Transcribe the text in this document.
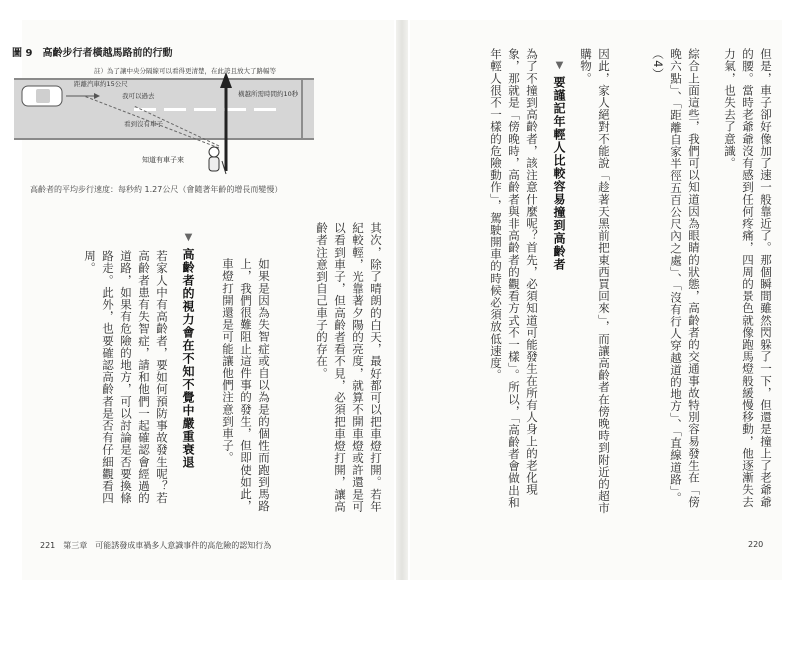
圖 9　高齡步行者橫越馬路前的行動
註）為了讓中央分隔線可以看得更清楚，在此誇且放大了路幅等
距離汽車約15公尺
我可以過去
看到沒有車子
橫越所需時間約10秒
知道有車子來
高齡者的平均步行速度：每秒約 1.27公尺（會隨著年齡的增長而變慢）
其次，除了晴朗的白天，最好都可以把車燈打開。若年紀較輕，光靠著夕陽的亮度，就算不開車燈或許還是可以看到車子，但高齡者看不見，必須把車燈打開，讓高齡者注意到自己車子的存在。
如果是因為失智症或自以為是的個性而跑到馬路上，我們很難阻止這件事的發生，但即使如此，車燈打開還是可能讓他們注意到車子。
▼高齡者的視力會在不知不覺中嚴重衰退
若家人中有高齡者，要如何預防事故發生呢？若高齡者患有失智症，請和他們一起確認會經過的道路，如果有危險的地方，可以討論是否要換條路走。此外，也要確認高齡者是否有仔細觀看四周。
221　第三章　可能誘發成車禍多人意識事件的高危險的認知行為
但是，車子卻好像加了速一般靠近了。那個瞬間雖然閃躲了一下，但還是撞上了老爺爺的腰。當時老爺爺沒有感到任何疼痛，四周的景色就像跑馬燈般緩慢移動，他逐漸失去力氣，也失去了意識。
綜合上面這些，我們可以知道因為眼睛的狀態，高齡者的交通事故特別容易發生在「傍晚六點」、「距離自家半徑五百公尺內之處」、「沒有行人穿越道的地方」、「直線道路」。（4）
因此，家人絕對不能說「趁著天黑前把東西買回來」，而讓高齡者在傍晚時到附近的超市購物。
▼要謹記年輕人比較容易撞到高齡者
為了不撞到高齡者，該注意什麼呢？首先，必須知道可能發生在所有人身上的老化現象，那就是「傍晚時，高齡者與非高齡者的觀看方式不一樣」。所以，「高齡者會做出和年輕人很不一樣的危險動作」，駕駛開車的時候必須放低速度。
220
